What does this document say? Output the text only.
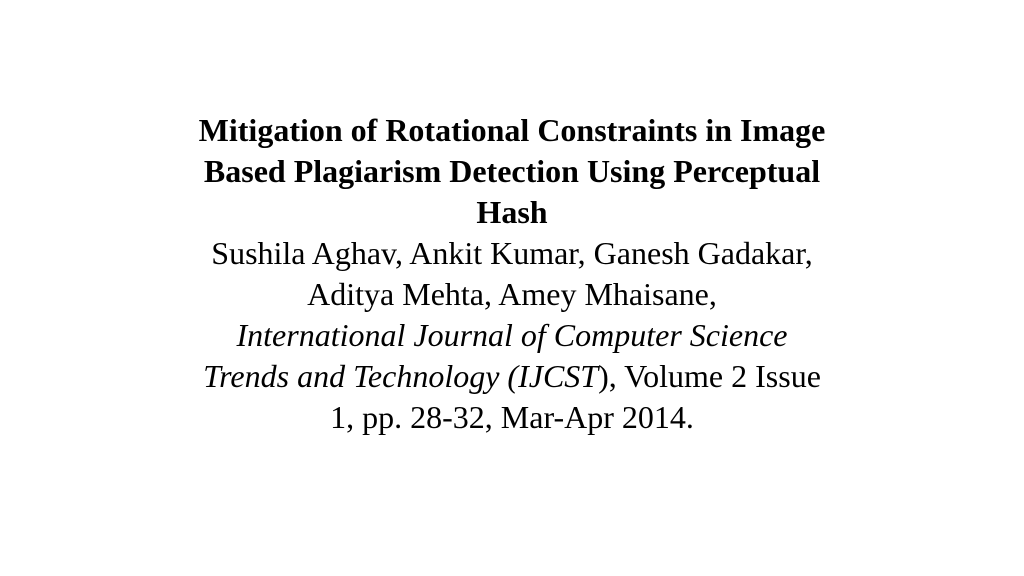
Mitigation of Rotational Constraints in Image
Based Plagiarism Detection Using Perceptual
Hash
Sushila Aghav, Ankit Kumar, Ganesh Gadakar,
Aditya Mehta, Amey Mhaisane,
International Journal of Computer Science
Trends and Technology (IJCST), Volume 2 Issue
1, pp. 28-32, Mar-Apr 2014.
